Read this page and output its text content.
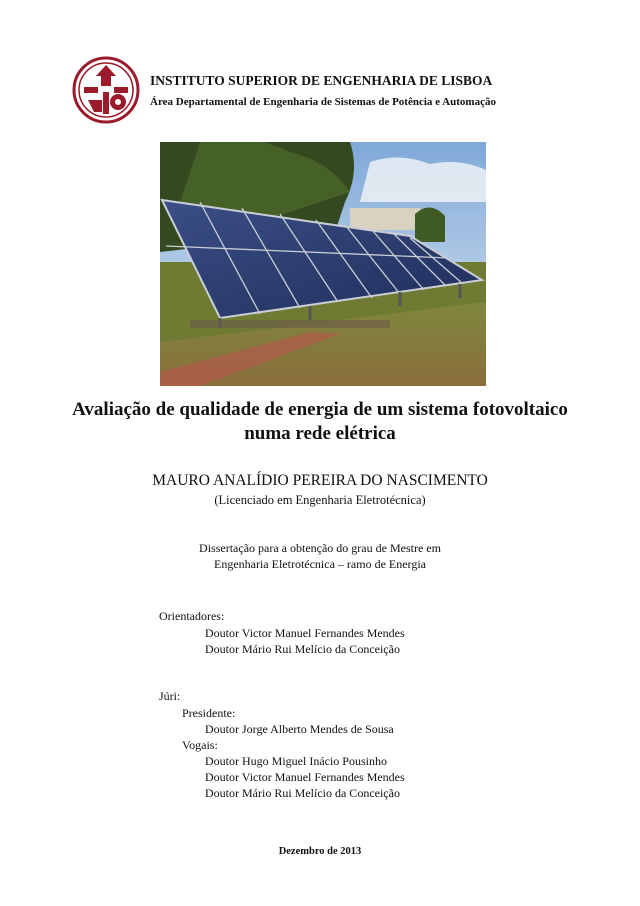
INSTITUTO SUPERIOR DE ENGENHARIA DE LISBOA
Área Departamental de Engenharia de Sistemas de Potência e Automação
Avaliação de qualidade de energia de um sistema fotovoltaico
numa rede elétrica
MAURO ANALÍDIO PEREIRA DO NASCIMENTO
(Licenciado em Engenharia Eletrotécnica)
Dissertação para a obtenção do grau de Mestre em
Engenharia Eletrotécnica – ramo de Energia
Orientadores:
Doutor Victor Manuel Fernandes Mendes
Doutor Mário Rui Melício da Conceição
Júri:
Presidente:
Doutor Jorge Alberto Mendes de Sousa
Vogais:
Doutor Hugo Miguel Inácio Pousinho
Doutor Victor Manuel Fernandes Mendes
Doutor Mário Rui Melício da Conceição
Dezembro de 2013
